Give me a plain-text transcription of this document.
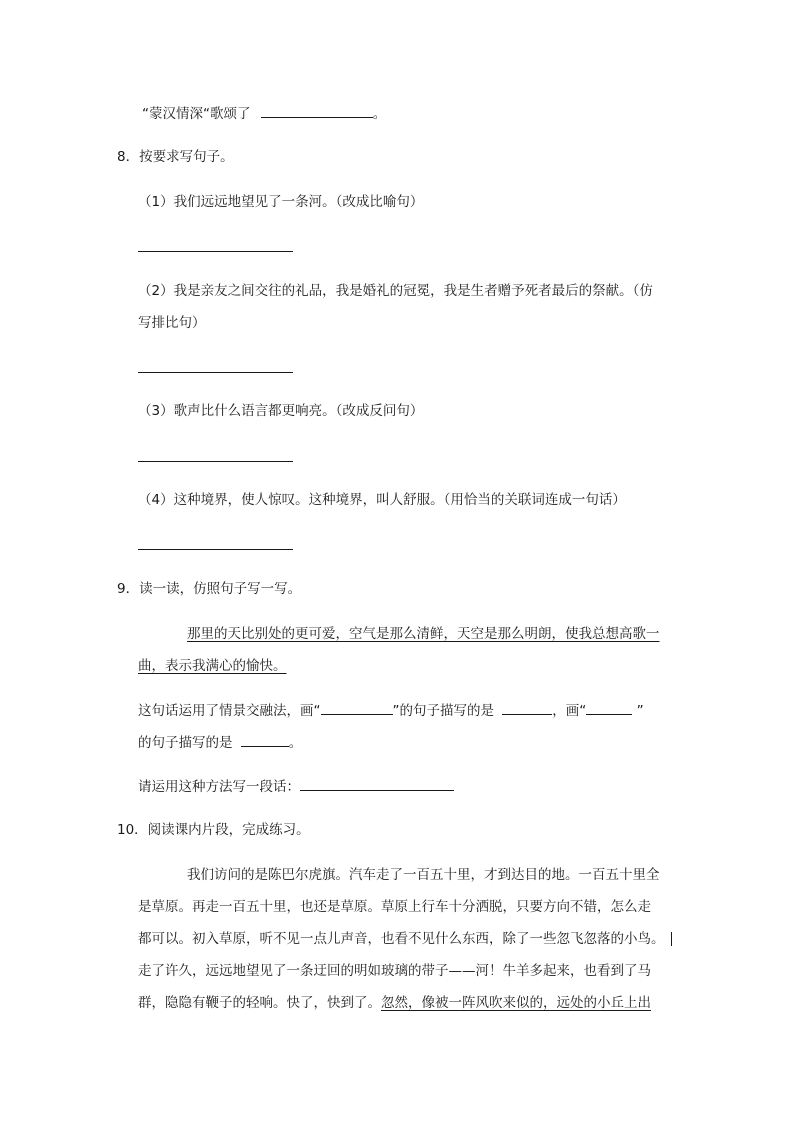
“蒙汉情深“歌颂了	。
8．按要求写句子。
（1）我们远远地望见了一条河。（改成比喻句）
（2）我是亲友之间交往的礼品，我是婚礼的冠冕，我是生者赠予死者最后的祭献。（仿
写排比句）
（3）歌声比什么语言都更响亮。（改成反问句）
（4）这种境界，使人惊叹。这种境界，叫人舒服。（用恰当的关联词连成一句话）
9．读一读，仿照句子写一写。
那里的天比别处的更可爱，空气是那么清鲜，天空是那么明朗，使我总想高歌一
曲，表示我满心的愉快。
这句话运用了情景交融法，画“	”的句子描写的是	，画“	”
的句子描写的是	。
请运用这种方法写一段话：
10．阅读课内片段，完成练习。
我们访问的是陈巴尔虎旗。汽车走了一百五十里，才到达目的地。一百五十里全
是草原。再走一百五十里，也还是草原。草原上行车十分洒脱，只要方向不错，怎么走
都可以。初入草原，听不见一点儿声音，也看不见什么东西，除了一些忽飞忽落的小鸟。
走了许久，远远地望见了一条迂回的明如玻璃的带子——河！牛羊多起来，也看到了马
群，隐隐有鞭子的轻响。快了，快到了。忽然，像被一阵风吹来似的，远处的小丘上出
